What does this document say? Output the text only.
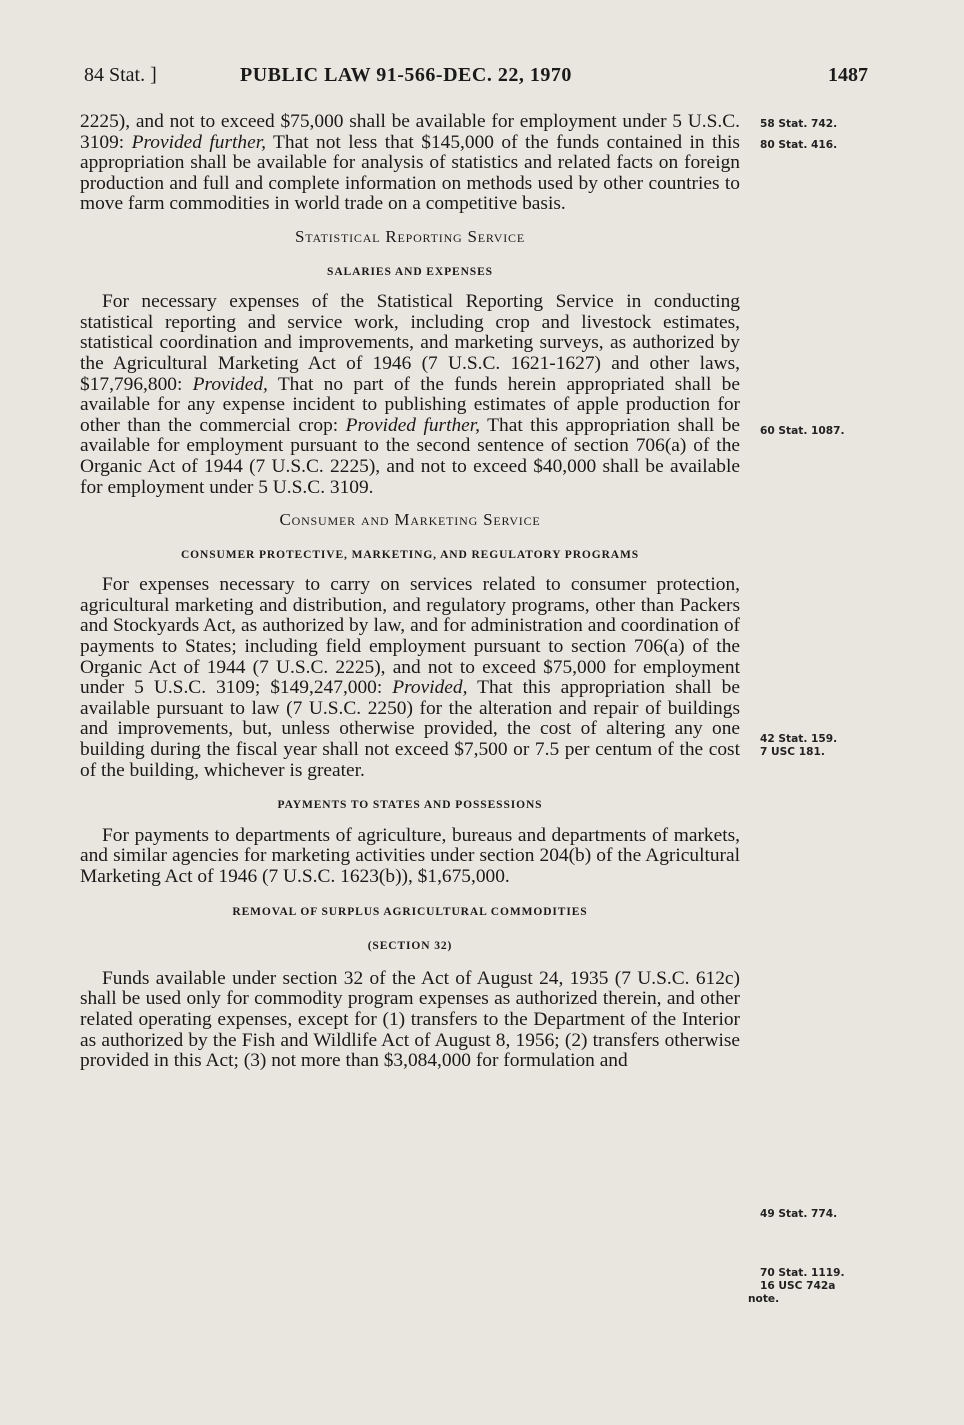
84 Stat. ]	PUBLIC LAW 91-566-DEC. 22, 1970	1487

2225), and not to exceed $75,000 shall be available for employment under 5 U.S.C. 3109: Provided further, That not less that $145,000 of the funds contained in this appropriation shall be available for analysis of statistics and related facts on foreign production and full and complete information on methods used by other countries to move farm commodities in world trade on a competitive basis.

Statistical Reporting Service

SALARIES AND EXPENSES

For necessary expenses of the Statistical Reporting Service in conducting statistical reporting and service work, including crop and livestock estimates, statistical coordination and improvements, and marketing surveys, as authorized by the Agricultural Marketing Act of 1946 (7 U.S.C. 1621-1627) and other laws, $17,796,800: Provided, That no part of the funds herein appropriated shall be available for any expense incident to publishing estimates of apple production for other than the commercial crop: Provided further, That this appropriation shall be available for employment pursuant to the second sentence of section 706(a) of the Organic Act of 1944 (7 U.S.C. 2225), and not to exceed $40,000 shall be available for employment under 5 U.S.C. 3109.

Consumer and Marketing Service

CONSUMER PROTECTIVE, MARKETING, AND REGULATORY PROGRAMS

For expenses necessary to carry on services related to consumer protection, agricultural marketing and distribution, and regulatory programs, other than Packers and Stockyards Act, as authorized by law, and for administration and coordination of payments to States; including field employment pursuant to section 706(a) of the Organic Act of 1944 (7 U.S.C. 2225), and not to exceed $75,000 for employment under 5 U.S.C. 3109; $149,247,000: Provided, That this appropriation shall be available pursuant to law (7 U.S.C. 2250) for the alteration and repair of buildings and improvements, but, unless otherwise provided, the cost of altering any one building during the fiscal year shall not exceed $7,500 or 7.5 per centum of the cost of the building, whichever is greater.

PAYMENTS TO STATES AND POSSESSIONS

For payments to departments of agriculture, bureaus and departments of markets, and similar agencies for marketing activities under section 204(b) of the Agricultural Marketing Act of 1946 (7 U.S.C. 1623(b)), $1,675,000.

REMOVAL OF SURPLUS AGRICULTURAL COMMODITIES

(SECTION 32)

Funds available under section 32 of the Act of August 24, 1935 (7 U.S.C. 612c) shall be used only for commodity program expenses as authorized therein, and other related operating expenses, except for (1) transfers to the Department of the Interior as authorized by the Fish and Wildlife Act of August 8, 1956; (2) transfers otherwise provided in this Act; (3) not more than $3,084,000 for formulation and

58 Stat. 742.
80 Stat. 416.
60 Stat. 1087.
42 Stat. 159.
7 USC 181.
49 Stat. 774.
70 Stat. 1119.
16 USC 742a
note.
